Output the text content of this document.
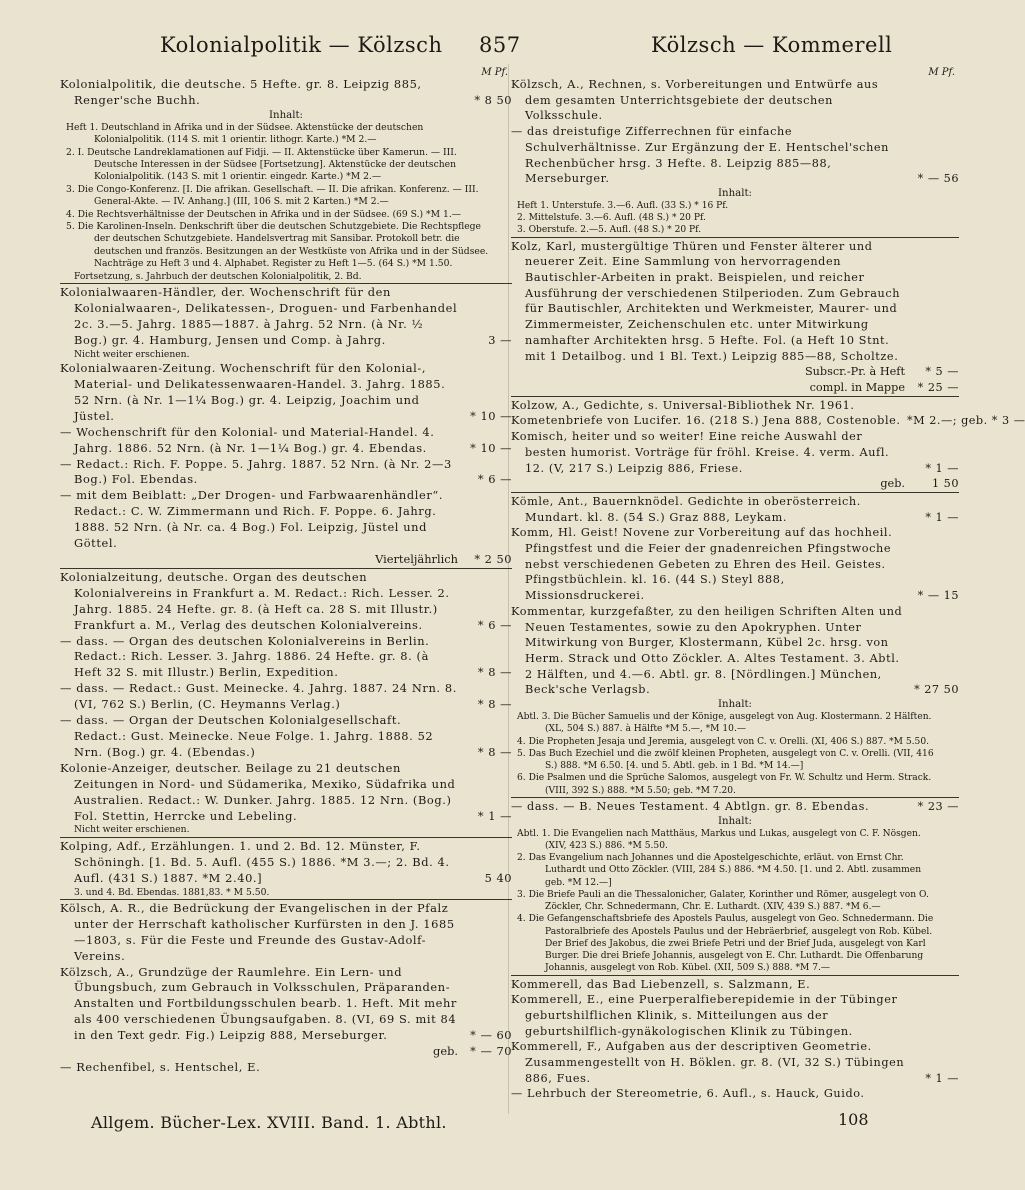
Kolonialpolitik — Kölzsch 857	Kölzsch — Kommerell
M Pf.

Kolonialpolitik, die deutsche. 5 Hefte. gr. 8. Leipzig 885, Renger'sche Buchh.	* 8 50

Inhalt:

Heft 1. Deutschland in Afrika und in der Südsee. Aktenstücke der deutschen Kolonialpolitik. (114 S. mit 1 orientir. lithogr. Karte.) *M 2.—

2. I. Deutsche Landreklamationen auf Fidji. — II. Aktenstücke über Kamerun. — III. Deutsche Interessen in der Südsee [Fortsetzung]. Aktenstücke der deutschen Kolonialpolitik. (143 S. mit 1 orientir. eingedr. Karte.) *M 2.—

3. Die Congo-Konferenz. [I. Die afrikan. Gesellschaft. — II. Die afrikan. Konferenz. — III. General-Akte. — IV. Anhang.] (III, 106 S. mit 2 Karten.) *M 2.—

4. Die Rechtsverhältnisse der Deutschen in Afrika und in der Südsee. (69 S.) *M 1.—

5. Die Karolinen-Inseln. Denkschrift über die deutschen Schutzgebiete. Die Rechtspflege der deutschen Schutzgebiete. Handelsvertrag mit Sansibar. Protokoll betr. die deutschen und französ. Besitzungen an der Westküste von Afrika und in der Südsee. Nachträge zu Heft 3 und 4. Alphabet. Register zu Heft 1—5. (64 S.) *M 1.50.

Fortsetzung, s. Jahrbuch der deutschen Kolonialpolitik, 2. Bd.

Kolonialwaaren-Händler, der. Wochenschrift für den Kolonialwaaren-, Delikatessen-, Droguen- und Farbenhandel 2c. 3.—5. Jahrg. 1885—1887. à Jahrg. 52 Nrn. (à Nr. ½ Bog.) gr. 4. Hamburg, Jensen und Comp. à Jahrg.	3 —

Nicht weiter erschienen.

Kolonialwaaren-Zeitung. Wochenschrift für den Kolonial-, Material- und Delikatessenwaaren-Handel. 3. Jahrg. 1885. 52 Nrn. (à Nr. 1—1¼ Bog.) gr. 4. Leipzig, Joachim und Jüstel.	* 10 —

— Wochenschrift für den Kolonial- und Material-Handel. 4. Jahrg. 1886. 52 Nrn. (à Nr. 1—1¼ Bog.) gr. 4. Ebendas.	* 10 —

— Redact.: Rich. F. Poppe. 5. Jahrg. 1887. 52 Nrn. (à Nr. 2—3 Bog.) Fol. Ebendas.	* 6 —

— mit dem Beiblatt: „Der Drogen- und Farbwaarenhändler“. Redact.: C. W. Zimmermann und Rich. F. Poppe. 6. Jahrg. 1888. 52 Nrn. (à Nr. ca. 4 Bog.) Fol. Leipzig, Jüstel und Göttel.

Vierteljährlich	* 2 50

Kolonialzeitung, deutsche. Organ des deutschen Kolonialvereins in Frankfurt a. M. Redact.: Rich. Lesser. 2. Jahrg. 1885. 24 Hefte. gr. 8. (à Heft ca. 28 S. mit Illustr.) Frankfurt a. M., Verlag des deutschen Kolonialvereins.	* 6 —

— dass. — Organ des deutschen Kolonialvereins in Berlin. Redact.: Rich. Lesser. 3. Jahrg. 1886. 24 Hefte. gr. 8. (à Heft 32 S. mit Illustr.) Berlin, Expedition.	* 8 —

— dass. — Redact.: Gust. Meinecke. 4. Jahrg. 1887. 24 Nrn. 8. (VI, 762 S.) Berlin, (C. Heymanns Verlag.)	* 8 —

— dass. — Organ der Deutschen Kolonialgesellschaft. Redact.: Gust. Meinecke. Neue Folge. 1. Jahrg. 1888. 52 Nrn. (Bog.) gr. 4. (Ebendas.)	* 8 —

Kolonie-Anzeiger, deutscher. Beilage zu 21 deutschen Zeitungen in Nord- und Südamerika, Mexiko, Südafrika und Australien. Redact.: W. Dunker. Jahrg. 1885. 12 Nrn. (Bog.) Fol. Stettin, Herrcke und Lebeling.	* 1 —

Nicht weiter erschienen.

Kolping, Adf., Erzählungen. 1. und 2. Bd. 12. Münster, F. Schöningh. [1. Bd. 5. Aufl. (455 S.) 1886. *M 3.—; 2. Bd. 4. Aufl. (431 S.) 1887. *M 2.40.]	5 40

3. und 4. Bd. Ebendas. 1881,83. * M 5.50.

Kölsch, A. R., die Bedrückung der Evangelischen in der Pfalz unter der Herrschaft katholischer Kurfürsten in den J. 1685—1803, s. Für die Feste und Freunde des Gustav-Adolf-Vereins.

Kölzsch, A., Grundzüge der Raumlehre. Ein Lern- und Übungsbuch, zum Gebrauch in Volksschulen, Präparanden-Anstalten und Fortbildungsschulen bearb. 1. Heft. Mit mehr als 400 verschiedenen Übungsaufgaben. 8. (VI, 69 S. mit 84 in den Text gedr. Fig.) Leipzig 888, Merseburger.	* — 60

geb.	* — 70

— Rechenfibel, s. Hentschel, E.

M Pf.

Kölzsch, A., Rechnen, s. Vorbereitungen und Entwürfe aus dem gesamten Unterrichtsgebiete der deutschen Volksschule.

— das dreistufige Zifferrechnen für einfache Schulverhältnisse. Zur Ergänzung der E. Hentschel'schen Rechenbücher hrsg. 3 Hefte. 8. Leipzig 885—88, Merseburger.	* — 56

Inhalt:

Heft 1. Unterstufe. 3.—6. Aufl. (33 S.) * 16 Pf.

2. Mittelstufe. 3.—6. Aufl. (48 S.) * 20 Pf.

3. Oberstufe. 2.—5. Aufl. (48 S.) * 20 Pf.

Kolz, Karl, mustergültige Thüren und Fenster älterer und neuerer Zeit. Eine Sammlung von hervorragenden Bautischler-Arbeiten in prakt. Beispielen, und reicher Ausführung der verschiedenen Stilperioden. Zum Gebrauch für Bautischler, Architekten und Werkmeister, Maurer- und Zimmermeister, Zeichenschulen etc. unter Mitwirkung namhafter Architekten hrsg. 5 Hefte. Fol. (a Heft 10 Stnt. mit 1 Detailbog. und 1 Bl. Text.) Leipzig 885—88, Scholtze.

Subscr.-Pr. à Heft	* 5 —

compl. in Mappe	* 25 —

Kolzow, A., Gedichte, s. Universal-Bibliothek Nr. 1961.

Kometenbriefe von Lucifer. 16. (218 S.) Jena 888, Costenoble. *M 2.—; geb. * 3 —

Komisch, heiter und so weiter! Eine reiche Auswahl der besten humorist. Vorträge für fröhl. Kreise. 4. verm. Aufl. 12. (V, 217 S.) Leipzig 886, Friese.	* 1 —

geb.	1 50

Kömle, Ant., Bauernknödel. Gedichte in oberösterreich. Mundart. kl. 8. (54 S.) Graz 888, Leykam.	* 1 —

Komm, Hl. Geist! Novene zur Vorbereitung auf das hochheil. Pfingstfest und die Feier der gnadenreichen Pfingstwoche nebst verschiedenen Gebeten zu Ehren des Heil. Geistes. Pfingstbüchlein. kl. 16. (44 S.) Steyl 888, Missionsdruckerei.	* — 15

Kommentar, kurzgefaßter, zu den heiligen Schriften Alten und Neuen Testamentes, sowie zu den Apokryphen. Unter Mitwirkung von Burger, Klostermann, Kübel 2c. hrsg. von Herm. Strack und Otto Zöckler. A. Altes Testament. 3. Abtl. 2 Hälften, und 4.—6. Abtl. gr. 8. [Nördlingen.] München, Beck'sche Verlagsb.	* 27 50

Inhalt:

Abtl. 3. Die Bücher Samuelis und der Könige, ausgelegt von Aug. Klostermann. 2 Hälften. (XL, 504 S.) 887. à Hälfte *M 5.—, *M 10.—

4. Die Propheten Jesaja und Jeremia, ausgelegt von C. v. Orelli. (XI, 406 S.) 887. *M 5.50.

5. Das Buch Ezechiel und die zwölf kleinen Propheten, ausgelegt von C. v. Orelli. (VII, 416 S.) 888. *M 6.50. [4. und 5. Abtl. geb. in 1 Bd. *M 14.—]

6. Die Psalmen und die Sprüche Salomos, ausgelegt von Fr. W. Schultz und Herm. Strack. (VIII, 392 S.) 888. *M 5.50; geb. *M 7.20.

— dass. — B. Neues Testament. 4 Abtlgn. gr. 8. Ebendas.	* 23 —

Inhalt:

Abtl. 1. Die Evangelien nach Matthäus, Markus und Lukas, ausgelegt von C. F. Nösgen. (XIV, 423 S.) 886. *M 5.50.

2. Das Evangelium nach Johannes und die Apostelgeschichte, erläut. von Ernst Chr. Luthardt und Otto Zöckler. (VIII, 284 S.) 886. *M 4.50. [1. und 2. Abtl. zusammen geb. *M 12.—]

3. Die Briefe Pauli an die Thessalonicher, Galater, Korinther und Römer, ausgelegt von O. Zöckler, Chr. Schnedermann, Chr. E. Luthardt. (XIV, 439 S.) 887. *M 6.—

4. Die Gefangenschaftsbriefe des Apostels Paulus, ausgelegt von Geo. Schnedermann. Die Pastoralbriefe des Apostels Paulus und der Hebräerbrief, ausgelegt von Rob. Kübel. Der Brief des Jakobus, die zwei Briefe Petri und der Brief Juda, ausgelegt von Karl Burger. Die drei Briefe Johannis, ausgelegt von E. Chr. Luthardt. Die Offenbarung Johannis, ausgelegt von Rob. Kübel. (XII, 509 S.) 888. *M 7.—

Kommerell, das Bad Liebenzell, s. Salzmann, E.

Kommerell, E., eine Puerperalfieberepidemie in der Tübinger geburtshilflichen Klinik, s. Mitteilungen aus der geburtshilflich-gynäkologischen Klinik zu Tübingen.

Kommerell, F., Aufgaben aus der descriptiven Geometrie. Zusammengestellt von H. Böklen. gr. 8. (VI, 32 S.) Tübingen 886, Fues.	* 1 —

— Lehrbuch der Stereometrie, 6. Aufl., s. Hauck, Guido.

Allgem. Bücher-Lex. XVIII. Band. 1. Abthl.	108
